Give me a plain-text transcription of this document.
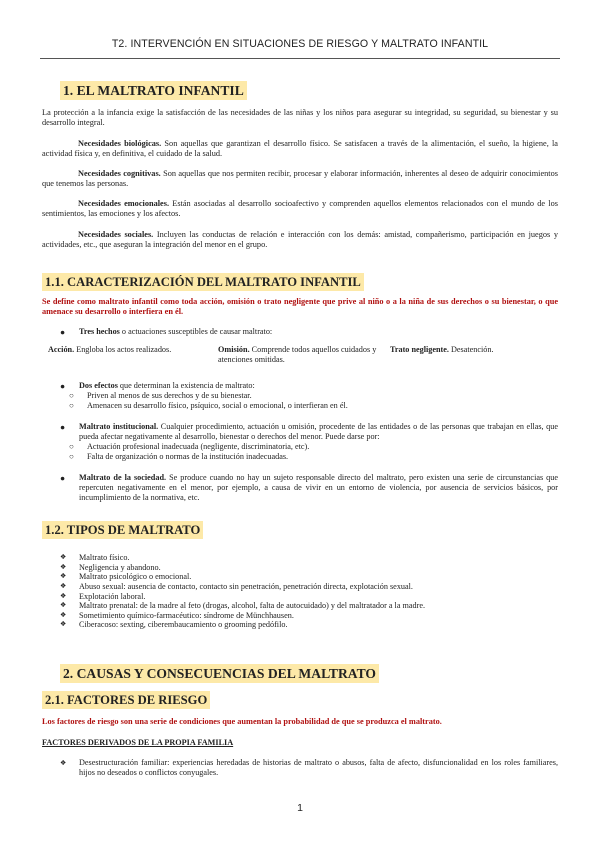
T2. INTERVENCIÓN EN SITUACIONES DE RIESGO Y MALTRATO INFANTIL
1. EL MALTRATO INFANTIL
La protección a la infancia exige la satisfacción de las necesidades de las niñas y los niños para asegurar su integridad, su seguridad, su bienestar y su desarrollo integral.
Necesidades biológicas. Son aquellas que garantizan el desarrollo físico. Se satisfacen a través de la alimentación, el sueño, la higiene, la actividad física y, en definitiva, el cuidado de la salud.
Necesidades cognitivas. Son aquellas que nos permiten recibir, procesar y elaborar información, inherentes al deseo de adquirir conocimientos que tenemos las personas.
Necesidades emocionales. Están asociadas al desarrollo socioafectivo y comprenden aquellos elementos relacionados con el mundo de los sentimientos, las emociones y los afectos.
Necesidades sociales. Incluyen las conductas de relación e interacción con los demás: amistad, compañerismo, participación en juegos y actividades, etc., que aseguran la integración del menor en el grupo.
1.1. CARACTERIZACIÓN DEL MALTRATO INFANTIL
Se define como maltrato infantil como toda acción, omisión o trato negligente que prive al niño o a la niña de sus derechos o su bienestar, o que amenace su desarrollo o interfiera en él.
● Tres hechos o actuaciones susceptibles de causar maltrato:
Acción. Engloba los actos realizados.	Omisión. Comprende todos aquellos cuidados y atenciones omitidas.
Trato negligente. Desatención.
● Dos efectos que determinan la existencia de maltrato:
○ Priven al menos de sus derechos y de su bienestar.
○ Amenacen su desarrollo físico, psíquico, social o emocional, o interfieran en él.
● Maltrato institucional. Cualquier procedimiento, actuación u omisión, procedente de las entidades o de las personas que trabajan en ellas, que pueda afectar negativamente al desarrollo, bienestar o derechos del menor. Puede darse por:
○ Actuación profesional inadecuada (negligente, discriminatoria, etc).
○ Falta de organización o normas de la institución inadecuadas.
● Maltrato de la sociedad. Se produce cuando no hay un sujeto responsable directo del maltrato, pero existen una serie de circunstancias que repercuten negativamente en el menor, por ejemplo, a causa de vivir en un entorno de violencia, por ausencia de servicios básicos, por incumplimiento de la normativa, etc.
1.2. TIPOS DE MALTRATO
❖ Maltrato físico.
❖ Negligencia y abandono.
❖ Maltrato psicológico o emocional.
❖ Abuso sexual: ausencia de contacto, contacto sin penetración, penetración directa, explotación sexual.
❖ Explotación laboral.
❖ Maltrato prenatal: de la madre al feto (drogas, alcohol, falta de autocuidado) y del maltratador a la madre.
❖ Sometimiento químico-farmacéutico: síndrome de Münchhausen.
❖ Ciberacoso: sexting, ciberembaucamiento o grooming pedófilo.
2. CAUSAS Y CONSECUENCIAS DEL MALTRATO
2.1. FACTORES DE RIESGO
Los factores de riesgo son una serie de condiciones que aumentan la probabilidad de que se produzca el maltrato.
FACTORES DERIVADOS DE LA PROPIA FAMILIA
❖ Desestructuración familiar: experiencias heredadas de historias de maltrato o abusos, falta de afecto, disfuncionalidad en los roles familiares, hijos no deseados o conflictos conyugales.
1
